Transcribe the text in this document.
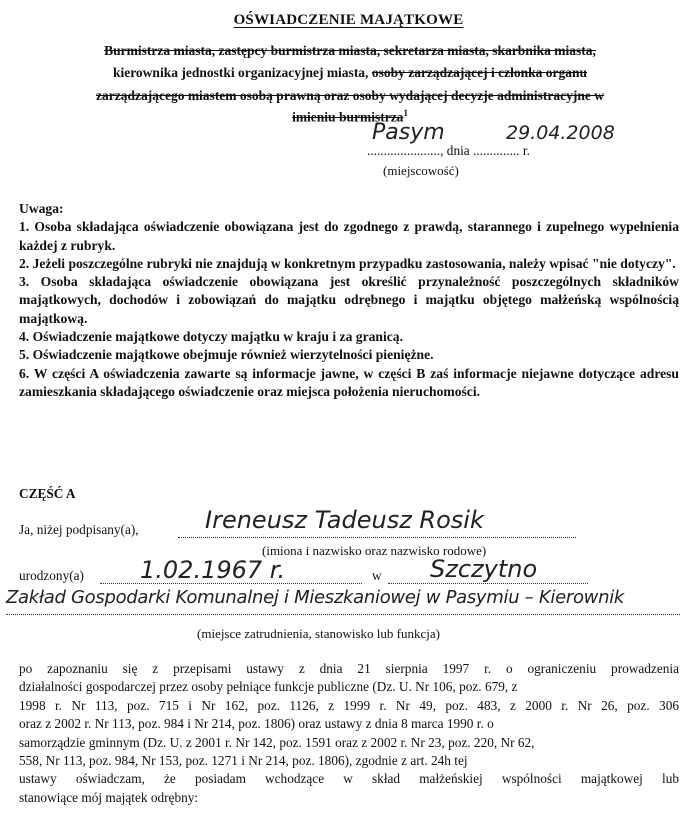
OŚWIADCZENIE MAJĄTKOWE
Burmistrza miasta, zastępcy burmistrza miasta, sekretarza miasta, skarbnika miasta,
kierownika jednostki organizacyjnej miasta, osoby zarządzającej i członka organu
zarządzającego miastem osobą prawną oraz osoby wydającej decyzje administracyjne w
imieniu burmistrza$^1$
Pasym	29.04.2008
......................, dnia .............. r.
(miejscowość)

Uwaga:

1. Osoba składająca oświadczenie obowiązana jest do zgodnego z prawdą, starannego i zupełnego wypełnienia każdej z rubryk.

2. Jeżeli poszczególne rubryki nie znajdują w konkretnym przypadku zastosowania, należy wpisać "nie dotyczy".

3. Osoba składająca oświadczenie obowiązana jest określić przynależność poszczególnych składników majątkowych, dochodów i zobowiązań do majątku odrębnego i majątku objętego małżeńską wspólnością majątkową.

4. Oświadczenie majątkowe dotyczy majątku w kraju i za granicą.

5. Oświadczenie majątkowe obejmuje również wierzytelności pieniężne.

6. W części A oświadczenia zawarte są informacje jawne, w części B zaś informacje niejawne dotyczące adresu zamieszkania składającego oświadczenie oraz miejsca położenia nieruchomości.

CZĘŚĆ A
Ja, niżej podpisany(a),	Ireneusz Tadeusz Rosik
(imiona i nazwisko oraz nazwisko rodowe)
urodzony(a) 1.02.1967 r.	w Szczytno
Zakład Gospodarki Komunalnej i Mieszkaniowej w Pasymiu – Kierownik
(miejsce zatrudnienia, stanowisko lub funkcja)
po zapoznaniu się z przepisami ustawy z dnia 21 sierpnia 1997 r. o ograniczeniu prowadzenia
działalności gospodarczej przez osoby pełniące funkcje publiczne (Dz. U. Nr 106, poz. 679, z
1998 r. Nr 113, poz. 715 i Nr 162, poz. 1126, z 1999 r. Nr 49, poz. 483, z 2000 r. Nr 26, poz. 306
oraz z 2002 r. Nr 113, poz. 984 i Nr 214, poz. 1806) oraz ustawy z dnia 8 marca 1990 r. o
samorządzie gminnym (Dz. U. z 2001 r. Nr 142, poz. 1591 oraz z 2002 r. Nr 23, poz. 220, Nr 62,
558, Nr 113, poz. 984, Nr 153, poz. 1271 i Nr 214, poz. 1806), zgodnie z art. 24h tej
ustawy oświadczam, że posiadam wchodzące w skład małżeńskiej wspólności majątkowej lub
stanowiące mój majątek odrębny:
